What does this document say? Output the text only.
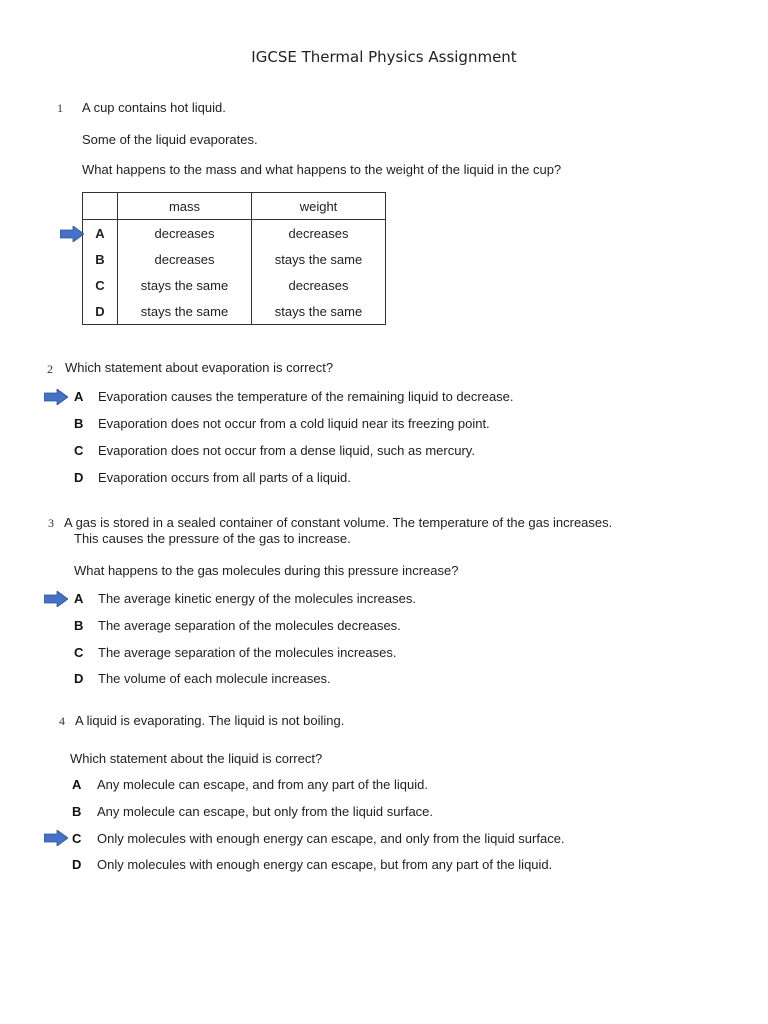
IGCSE Thermal Physics Assignment
1 A cup contains hot liquid.
Some of the liquid evaporates.
What happens to the mass and what happens to the weight of the liquid in the cup?
	mass	weight
A	decreases	decreases
B	decreases	stays the same
C	stays the same	decreases
D	stays the same	stays the same
2 Which statement about evaporation is correct?
A Evaporation causes the temperature of the remaining liquid to decrease.
B Evaporation does not occur from a cold liquid near its freezing point.
C Evaporation does not occur from a dense liquid, such as mercury.
D Evaporation occurs from all parts of a liquid.
3 A gas is stored in a sealed container of constant volume. The temperature of the gas increases.
This causes the pressure of the gas to increase.
What happens to the gas molecules during this pressure increase?
A The average kinetic energy of the molecules increases.
B The average separation of the molecules decreases.
C The average separation of the molecules increases.
D The volume of each molecule increases.
4 A liquid is evaporating. The liquid is not boiling.
Which statement about the liquid is correct?
A Any molecule can escape, and from any part of the liquid.
B Any molecule can escape, but only from the liquid surface.
C Only molecules with enough energy can escape, and only from the liquid surface.
D Only molecules with enough energy can escape, but from any part of the liquid.
